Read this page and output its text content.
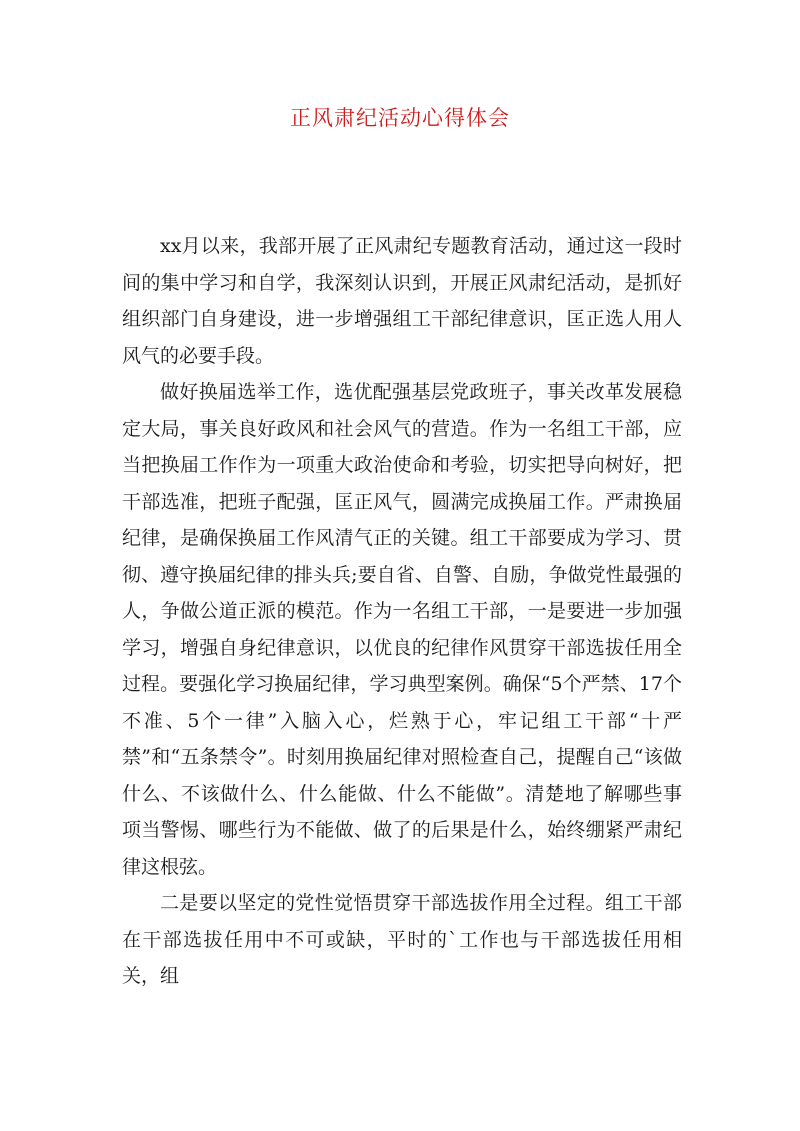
正风肃纪活动心得体会

xx月以来，我部开展了正风肃纪专题教育活动，通过这一段时间的集中学习和自学，我深刻认识到，开展正风肃纪活动，是抓好组织部门自身建设，进一步增强组工干部纪律意识，匡正选人用人风气的必要手段。

做好换届选举工作，选优配强基层党政班子，事关改革发展稳定大局，事关良好政风和社会风气的营造。作为一名组工干部，应当把换届工作作为一项重大政治使命和考验，切实把导向树好，把干部选准，把班子配强，匡正风气，圆满完成换届工作。严肃换届纪律，是确保换届工作风清气正的关键。组工干部要成为学习、贯彻、遵守换届纪律的排头兵;要自省、自警、自励，争做党性最强的人，争做公道正派的模范。作为一名组工干部，一是要进一步加强学习，增强自身纪律意识，以优良的纪律作风贯穿干部选拔任用全过程。要强化学习换届纪律，学习典型案例。确保“5个严禁、17个不准、5个一律”入脑入心，烂熟于心，牢记组工干部“十严禁”和“五条禁令”。时刻用换届纪律对照检查自己，提醒自己“该做什么、不该做什么、什么能做、什么不能做”。清楚地了解哪些事项当警惕、哪些行为不能做、做了的后果是什么，始终绷紧严肃纪律这根弦。

二是要以坚定的党性觉悟贯穿干部选拔作用全过程。组工干部在干部选拔任用中不可或缺，平时的`工作也与干部选拔任用相关，组
